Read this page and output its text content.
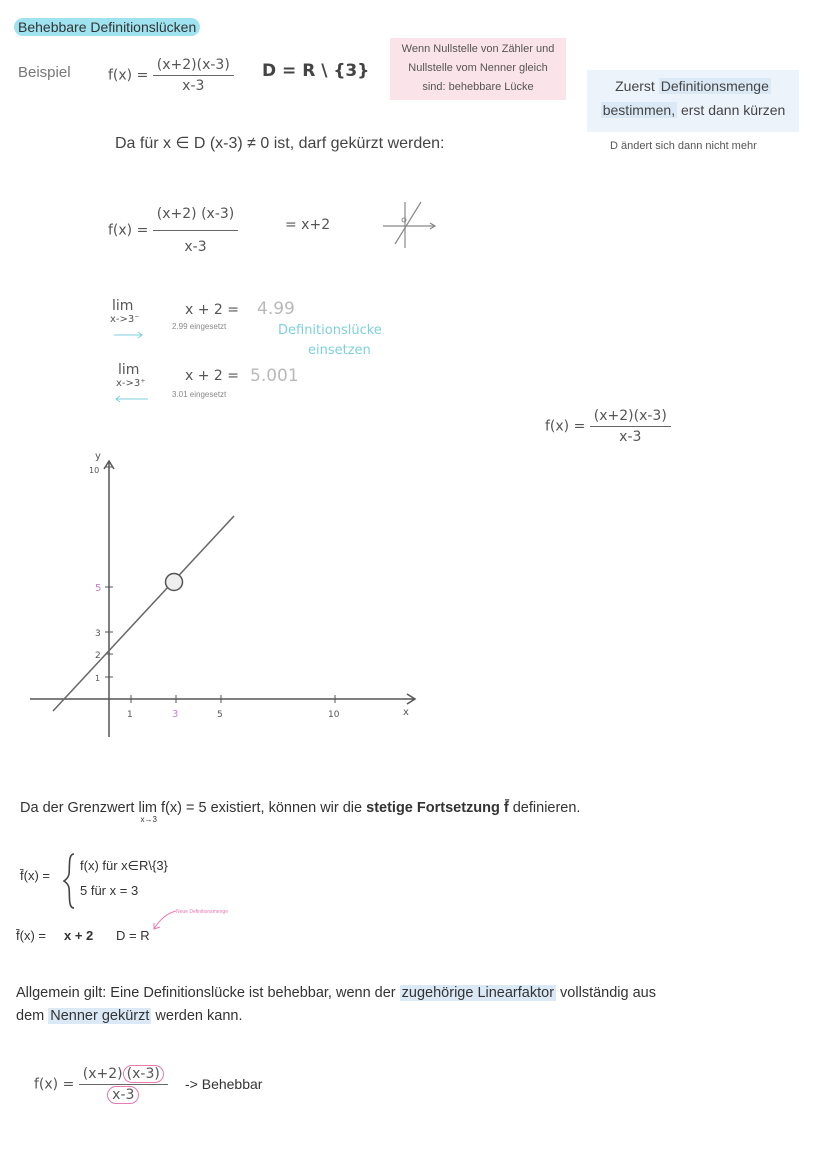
Behebbare Definitionslücken
Beispiel	$f(x) = \frac{(x+2)(x-3)}{x-3}$ D = R \ {3}
Wenn Nullstelle von Zähler und
Nullstelle vom Nenner gleich
sind: behebbare Lücke	Zuerst Definitionsmenge
bestimmen, erst dann kürzen
D ändert sich dann nicht mehr
Da für x ∈ D (x-3) ≠ 0 ist, darf gekürzt werden:
$f(x) = \frac{(x+2) (x-3)}{x-3}$	= x+2
lim
x->3⁻
x + 2 = 4.99
2.99 eingesetzt	Definitionslücke
einsetzen
lim
x->3⁺	x + 2 = 5.001
3.01 eingesetzt
$f(x) = \frac{(x+2)(x-3)}{x-3}$
y
x
1	3	5	10
1
2
3
5
10
Da der Grenzwert lim
x→3
f(x) = 5 existiert, können wir die stetige Fortsetzung f̄ definieren.
f̄(x) =
f(x) für x∈R\{3}
5 für x = 3
f̄(x) = x + 2 D = R
Neue Definitionsmenge
Allgemein gilt: Eine Definitionslücke ist behebbar, wenn der zugehörige Linearfaktor vollständig aus
dem Nenner gekürzt werden kann.
$f(x) = \frac{(x+2) (x-3)}{x-3}$ -> Behebbar
